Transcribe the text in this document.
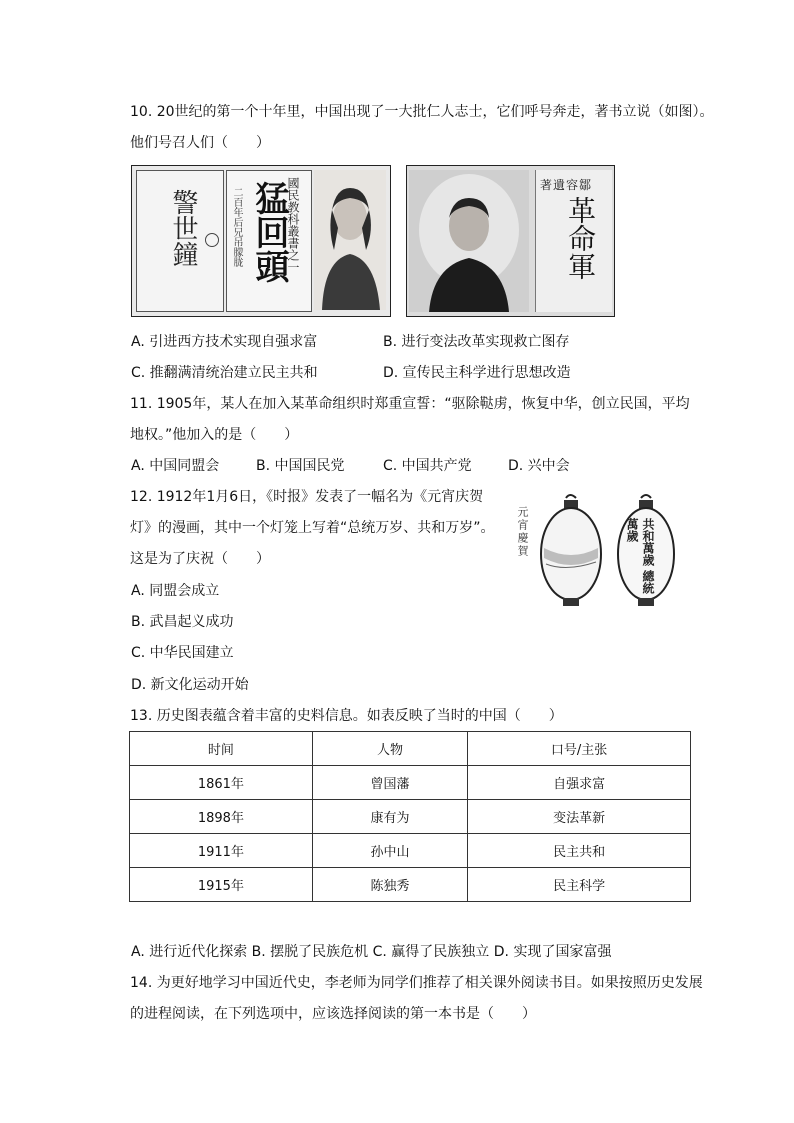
10. 20世纪的第一个十年里，中国出现了一大批仁人志士，它们呼号奔走，著书立说（如图）。
他们号召人们（　　）
警世鐘	國民教科叢書之一
猛回頭
二百年后兄吊朦胧
著遺容鄒
革命軍
A. 引进西方技术实现自强求富	B. 进行变法改革实现救亡图存
C. 推翻满清统治建立民主共和	D. 宣传民主科学进行思想改造
11. 1905年，某人在加入某革命组织时郑重宣誓：“驱除鞑虏，恢复中华，创立民国，平均
地权。”他加入的是（　　）
A. 中国同盟会	B. 中国国民党	C. 中国共产党	D. 兴中会
12. 1912年1月6日，《时报》发表了一幅名为《元宵庆贺
灯》的漫画，其中一个灯笼上写着“总统万岁、共和万岁”。
这是为了庆祝（　　）
A. 同盟会成立
B. 武昌起义成功
C. 中华民国建立
D. 新文化运动开始
元宵慶賀	共和萬歲 總統萬歲
13. 历史图表蕴含着丰富的史料信息。如表反映了当时的中国（　　）
时间	人物	口号/主张
1861年	曾国藩	自强求富
1898年	康有为	变法革新
1911年	孙中山	民主共和
1915年	陈独秀	民主科学
A. 进行近代化探索 B. 摆脱了民族危机 C. 赢得了民族独立 D. 实现了国家富强
14. 为更好地学习中国近代史，李老师为同学们推荐了相关课外阅读书目。如果按照历史发展
的进程阅读，在下列选项中，应该选择阅读的第一本书是（　　）
